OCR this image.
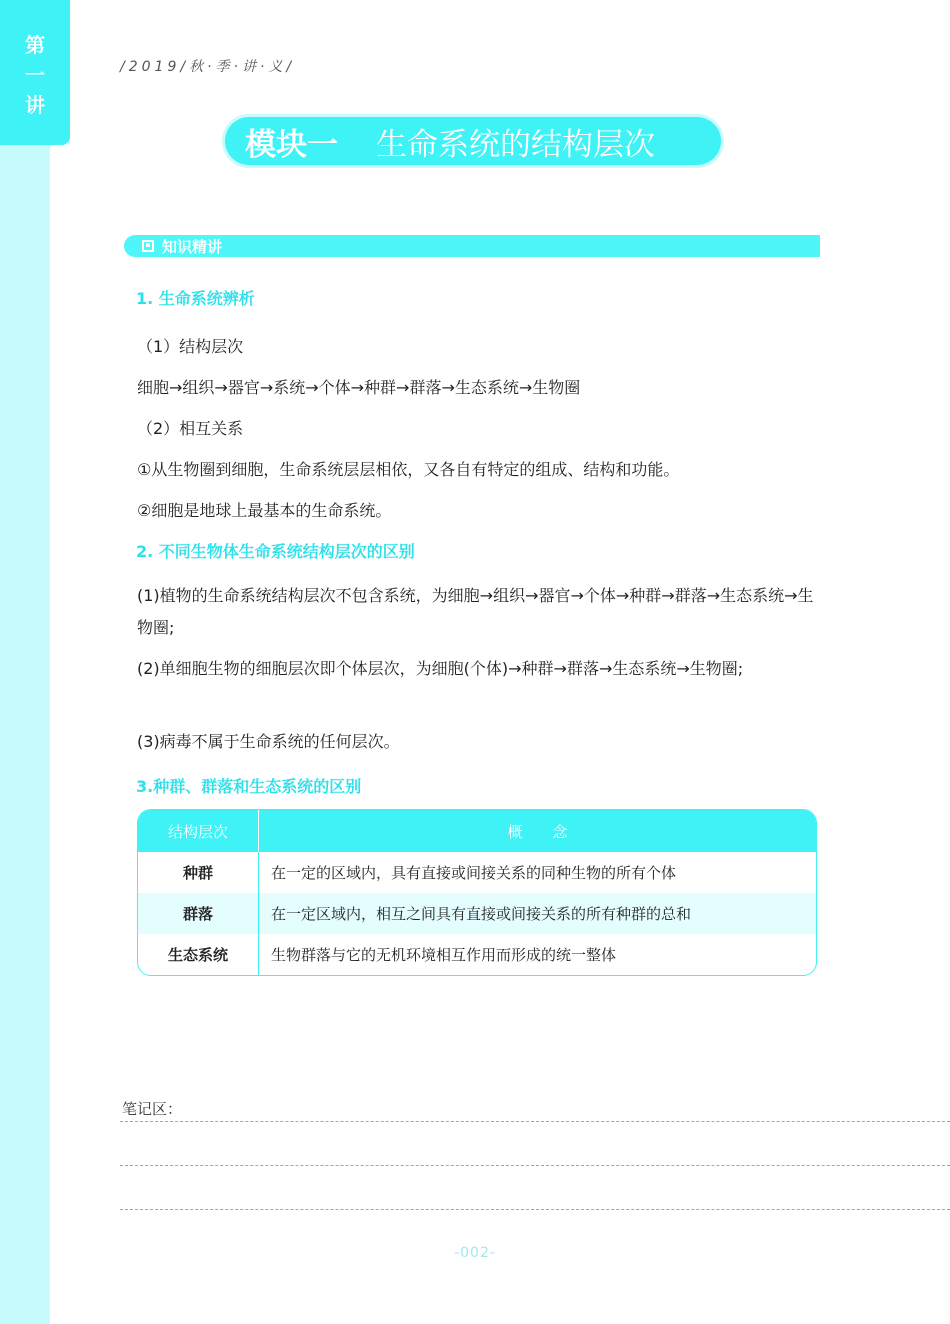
第
一
讲
/2019/秋·季·讲·义/
模块一 生命系统的结构层次
知识精讲
1. 生命系统辨析
（1）结构层次
细胞→组织→器官→系统→个体→种群→群落→生态系统→生物圈
（2）相互关系
①从生物圈到细胞，生命系统层层相依，又各自有特定的组成、结构和功能。
②细胞是地球上最基本的生命系统。
2. 不同生物体生命系统结构层次的区别
(1)植物的生命系统结构层次不包含系统，为细胞→组织→器官→个体→种群→群落→生态系统→生物圈;
(2)单细胞生物的细胞层次即个体层次，为细胞(个体)→种群→群落→生态系统→生物圈;
(3)病毒不属于生命系统的任何层次。
3.种群、群落和生态系统的区别
结构层次	概　　念
种群	在一定的区域内，具有直接或间接关系的同种生物的所有个体
群落	在一定区域内，相互之间具有直接或间接关系的所有种群的总和
生态系统	生物群落与它的无机环境相互作用而形成的统一整体
笔记区：
-002-
